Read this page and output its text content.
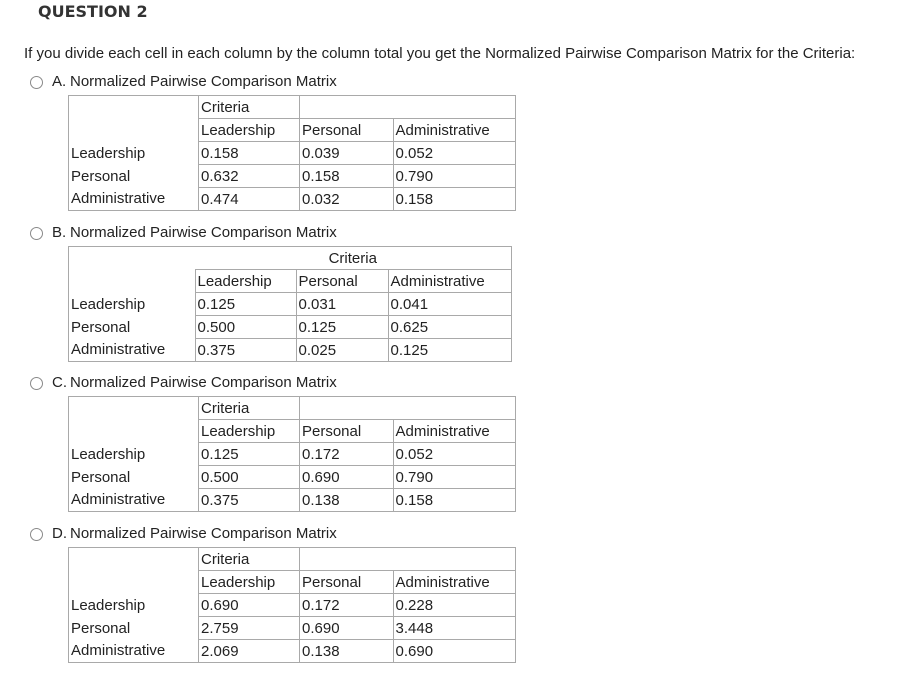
QUESTION 2
If you divide each cell in each column by the column total you get the Normalized Pairwise Comparison Matrix for the Criteria:
A. Normalized Pairwise Comparison Matrix
	Criteria		
	Leadership	Personal	Administrative
Leadership	0.158	0.039	0.052
Personal	0.632	0.158	0.790
Administrative	0.474	0.032	0.158
B. Normalized Pairwise Comparison Matrix
	Criteria		
	Leadership	Personal	Administrative
Leadership	0.125	0.031	0.041
Personal	0.500	0.125	0.625
Administrative	0.375	0.025	0.125
C. Normalized Pairwise Comparison Matrix
	Criteria		
	Leadership	Personal	Administrative
Leadership	0.125	0.172	0.052
Personal	0.500	0.690	0.790
Administrative	0.375	0.138	0.158
D. Normalized Pairwise Comparison Matrix
	Criteria		
	Leadership	Personal	Administrative
Leadership	0.690	0.172	0.228
Personal	2.759	0.690	3.448
Administrative	2.069	0.138	0.690
